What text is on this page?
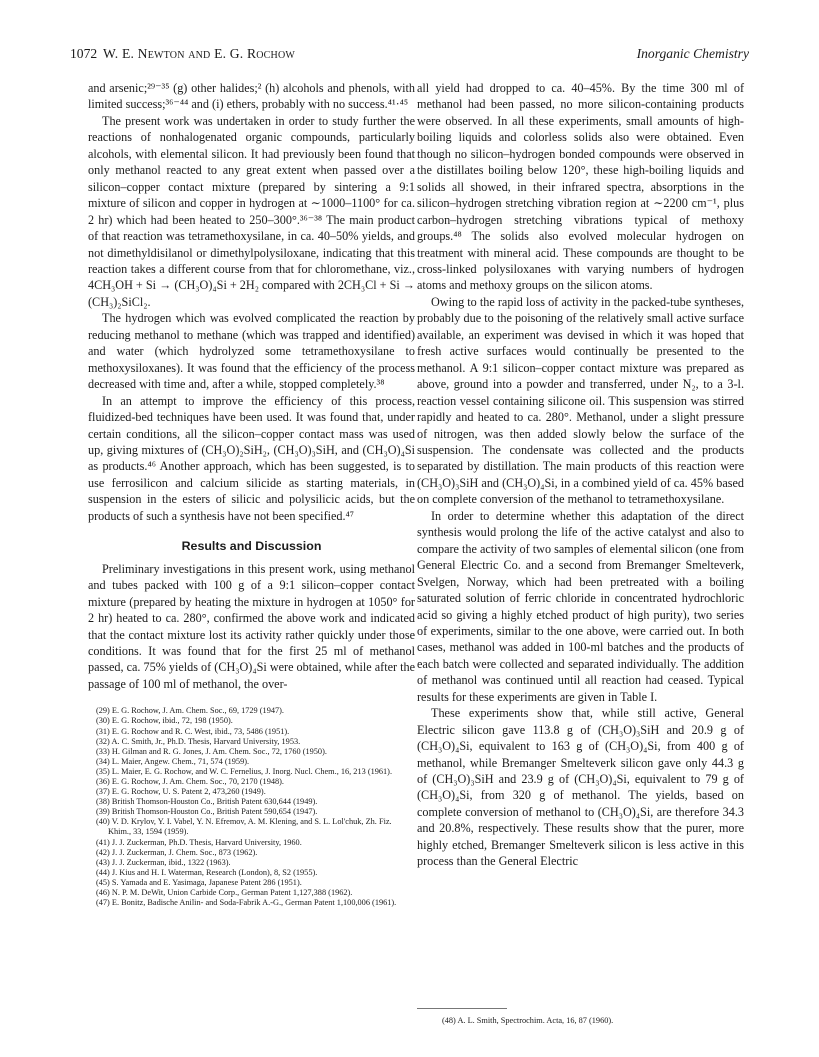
1072 W. E. Newton and E. G. Rochow	Inorganic Chemistry

and arsenic;²⁹⁻³⁵ (g) other halides;² (h) alcohols and phenols, with limited success;³⁶⁻⁴⁴ and (i) ethers, probably with no success.⁴¹·⁴⁵

The present work was undertaken in order to study further the reactions of nonhalogenated organic compounds, particularly alcohols, with elemental silicon. It had previously been found that only methanol reacted to any great extent when passed over a silicon–copper contact mixture (prepared by sintering a 9:1 mixture of silicon and copper in hydrogen at ∼1000–1100° for ca. 2 hr) which had been heated to 250–300°.³⁶⁻³⁸ The main product of that reaction was tetramethoxysilane, in ca. 40–50% yields, and not dimethyldisilanol or dimethylpolysiloxane, indicating that this reaction takes a different course from that for chloromethane, viz., 4CH₃OH + Si → (CH₃O)₄Si + 2H₂ compared with 2CH₃Cl + Si → (CH₃)₂SiCl₂.

The hydrogen which was evolved complicated the reaction by reducing methanol to methane (which was trapped and identified) and water (which hydrolyzed some tetramethoxysilane to methoxysiloxanes). It was found that the efficiency of the process decreased with time and, after a while, stopped completely.³⁸

In an attempt to improve the efficiency of this process, fluidized-bed techniques have been used. It was found that, under certain conditions, all the silicon–copper contact mass was used up, giving mixtures of (CH₃O)₂SiH₂, (CH₃O)₃SiH, and (CH₃O)₄Si as products.⁴⁶ Another approach, which has been suggested, is to use ferrosilicon and calcium silicide as starting materials, in suspension in the esters of silicic and polysilicic acids, but the products of such a synthesis have not been specified.⁴⁷

Results and Discussion

Preliminary investigations in this present work, using methanol and tubes packed with 100 g of a 9:1 silicon–copper contact mixture (prepared by heating the mixture in hydrogen at 1050° for 2 hr) heated to ca. 280°, confirmed the above work and indicated that the contact mixture lost its activity rather quickly under those conditions. It was found that for the first 25 ml of methanol passed, ca. 75% yields of (CH₃O)₄Si were obtained, while after the passage of 100 ml of methanol, the over-

(29) E. G. Rochow, J. Am. Chem. Soc., 69, 1729 (1947).
(30) E. G. Rochow, ibid., 72, 198 (1950).
(31) E. G. Rochow and R. C. West, ibid., 73, 5486 (1951).
(32) A. C. Smith, Jr., Ph.D. Thesis, Harvard University, 1953.
(33) H. Gilman and R. G. Jones, J. Am. Chem. Soc., 72, 1760 (1950).
(34) L. Maier, Angew. Chem., 71, 574 (1959).
(35) L. Maier, E. G. Rochow, and W. C. Fernelius, J. Inorg. Nucl. Chem., 16, 213 (1961).
(36) E. G. Rochow, J. Am. Chem. Soc., 70, 2170 (1948).
(37) E. G. Rochow, U. S. Patent 2, 473,260 (1949).
(38) British Thomson-Houston Co., British Patent 630,644 (1949).
(39) British Thomson-Houston Co., British Patent 590,654 (1947).
(40) V. D. Krylov, Y. I. Vabel, Y. N. Efremov, A. M. Klening, and S. L. Lol'chuk, Zh. Fiz. Khim., 33, 1594 (1959).
(41) J. J. Zuckerman, Ph.D. Thesis, Harvard University, 1960.
(42) J. J. Zuckerman, J. Chem. Soc., 873 (1962).
(43) J. J. Zuckerman, ibid., 1322 (1963).
(44) J. Kius and H. I. Waterman, Research (London), 8, S2 (1955).
(45) S. Yamada and E. Yasimaga, Japanese Patent 286 (1951).
(46) N. P. M. DeWit, Union Carbide Corp., German Patent 1,127,388 (1962).
(47) E. Bonitz, Badische Anilin- and Soda-Fabrik A.-G., German Patent 1,100,006 (1961).

all yield had dropped to ca. 40–45%. By the time 300 ml of methanol had been passed, no more silicon-containing products were observed. In all these experiments, small amounts of high-boiling liquids and colorless solids also were obtained. Even though no silicon–hydrogen bonded compounds were observed in the distillates boiling below 120°, these high-boiling liquids and solids all showed, in their infrared spectra, absorptions in the silicon–hydrogen stretching vibration region at ∼2200 cm⁻¹, plus carbon–hydrogen stretching vibrations typical of methoxy groups.⁴⁸ The solids also evolved molecular hydrogen on treatment with mineral acid. These compounds are thought to be cross-linked polysiloxanes with varying numbers of hydrogen atoms and methoxy groups on the silicon atoms.

Owing to the rapid loss of activity in the packed-tube syntheses, probably due to the poisoning of the relatively small active surface available, an experiment was devised in which it was hoped that fresh active surfaces would continually be presented to the methanol. A 9:1 silicon–copper contact mixture was prepared as above, ground into a powder and transferred, under N₂, to a 3-l. reaction vessel containing silicone oil. This suspension was stirred rapidly and heated to ca. 280°. Methanol, under a slight pressure of nitrogen, was then added slowly below the surface of the suspension. The condensate was collected and the products separated by distillation. The main products of this reaction were (CH₃O)₃SiH and (CH₃O)₄Si, in a combined yield of ca. 45% based on complete conversion of the methanol to tetramethoxysilane.

In order to determine whether this adaptation of the direct synthesis would prolong the life of the active catalyst and also to compare the activity of two samples of elemental silicon (one from General Electric Co. and a second from Bremanger Smelteverk, Svelgen, Norway, which had been pretreated with a boiling saturated solution of ferric chloride in concentrated hydrochloric acid so giving a highly etched product of high purity), two series of experiments, similar to the one above, were carried out. In both cases, methanol was added in 100-ml batches and the products of each batch were collected and separated individually. The addition of methanol was continued until all reaction had ceased. Typical results for these experiments are given in Table I.

These experiments show that, while still active, General Electric silicon gave 113.8 g of (CH₃O)₃SiH and 20.9 g of (CH₃O)₄Si, equivalent to 163 g of (CH₃O)₄Si, from 400 g of methanol, while Bremanger Smelteverk silicon gave only 44.3 g of (CH₃O)₃SiH and 23.9 g of (CH₃O)₄Si, equivalent to 79 g of (CH₃O)₄Si, from 320 g of methanol. The yields, based on complete conversion of methanol to (CH₃O)₄Si, are therefore 34.3 and 20.8%, respectively. These results show that the purer, more highly etched, Bremanger Smelteverk silicon is less active in this process than the General Electric

(48) A. L. Smith, Spectrochim. Acta, 16, 87 (1960).
